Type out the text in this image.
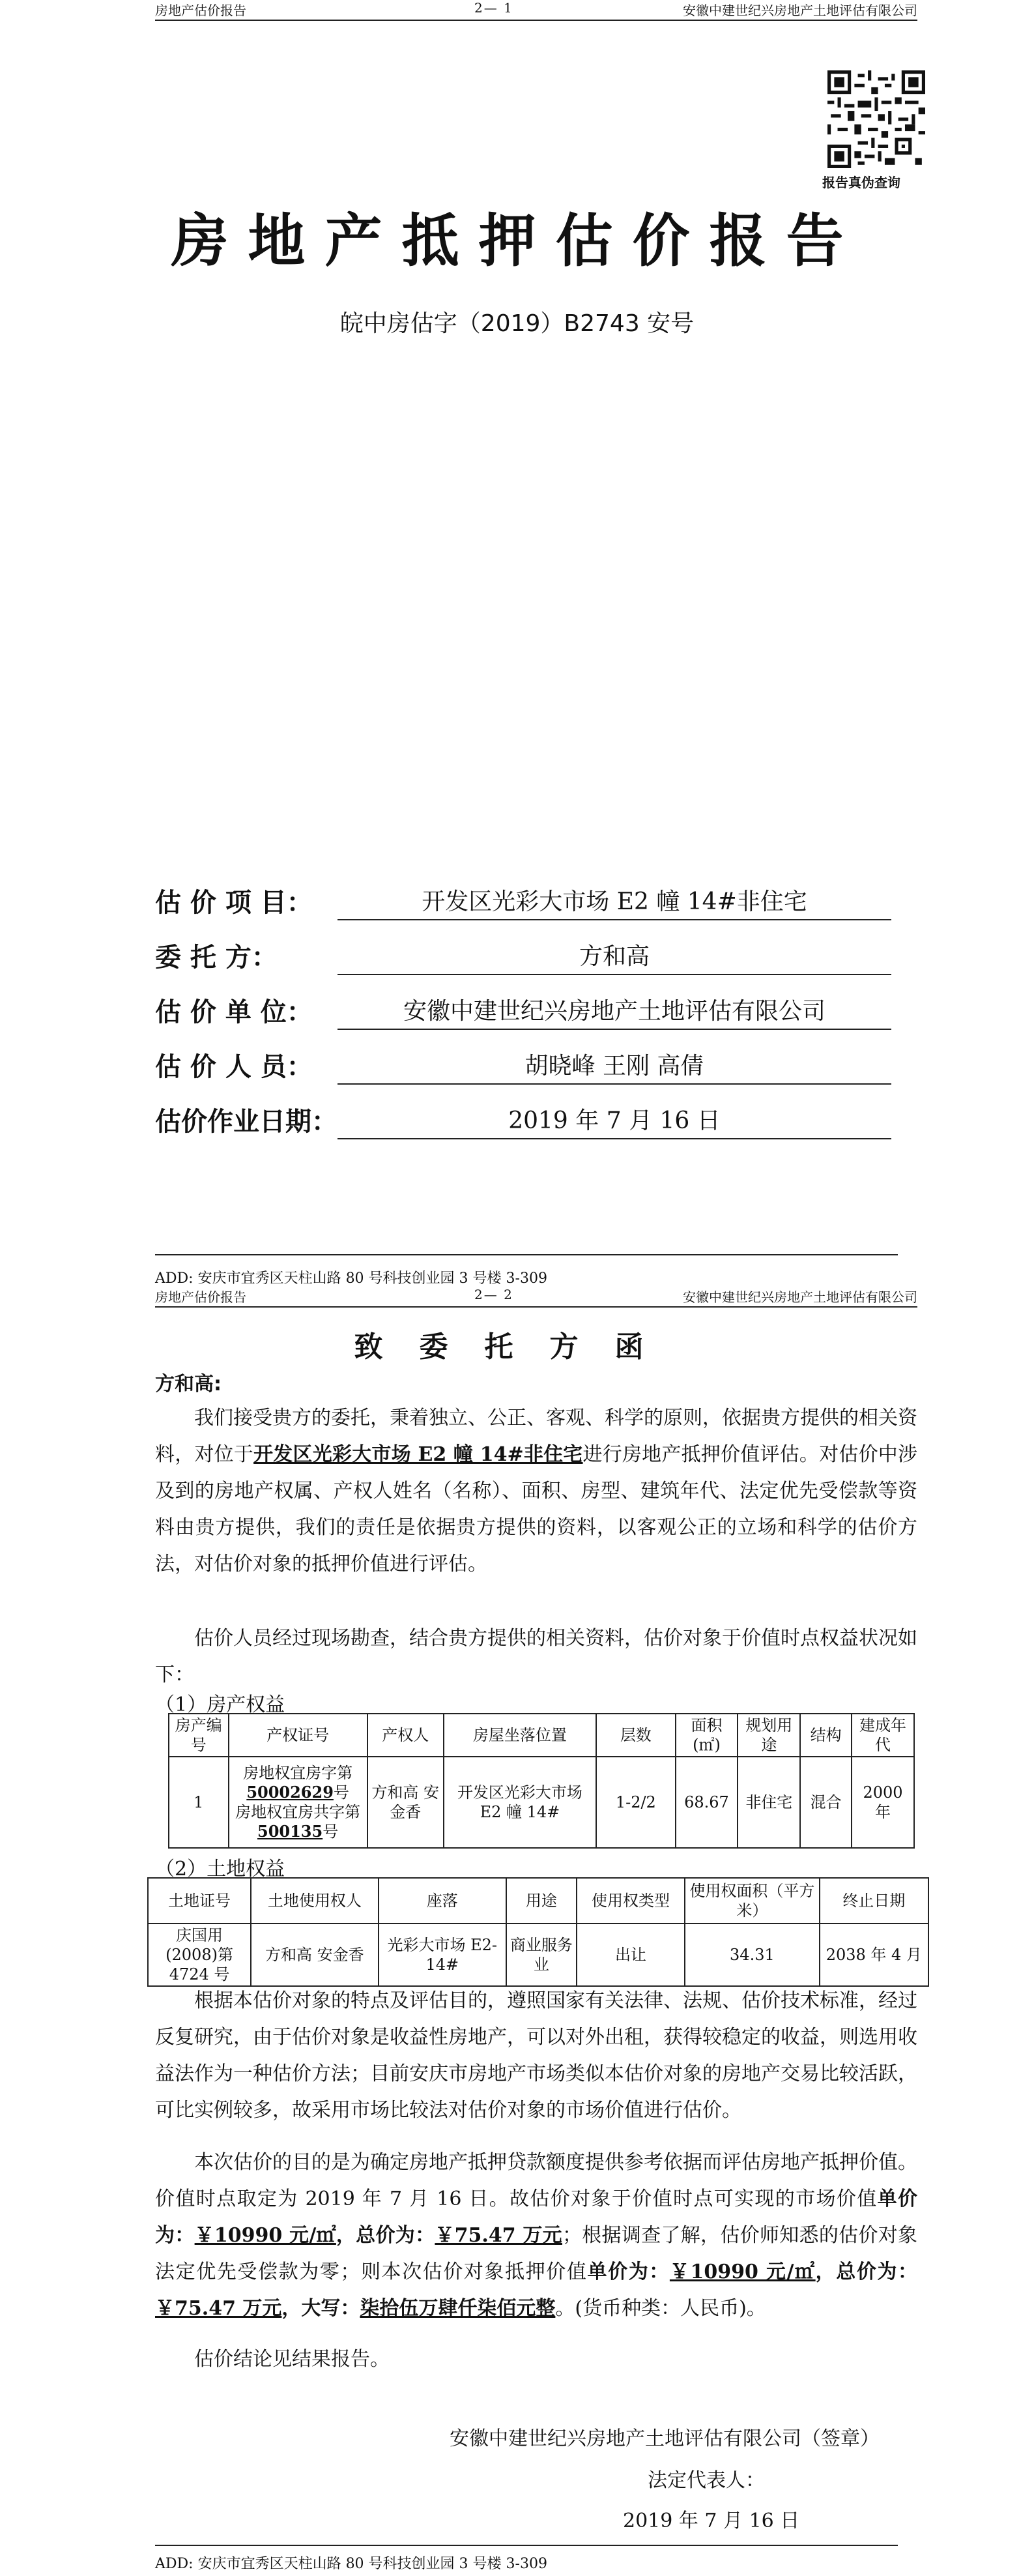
房地产估价报告	2— 1	安徽中建世纪兴房地产土地评估有限公司
报告真伪查询
房地产抵押估价报告
皖中房估字（2019）B2743 安号
估 价 项 目：	开发区光彩大市场 E2 幢 14#非住宅
委 托 方：	方和高
估 价 单 位：	安徽中建世纪兴房地产土地评估有限公司
估 价 人 员：	胡晓峰 王刚 高倩
估价作业日期：	2019 年 7 月 16 日
ADD: 安庆市宜秀区天柱山路 80 号科技创业园 3 号楼 3-309
房地产估价报告	2— 2	安徽中建世纪兴房地产土地评估有限公司
致委托方函
方和高:
我们接受贵方的委托，秉着独立、公正、客观、科学的原则，依据贵方提供的相关资料，对位于开发区光彩大市场 E2 幢 14#非住宅进行房地产抵押价值评估。对估价中涉及到的房地产权属、产权人姓名（名称）、面积、房型、建筑年代、法定优先受偿款等资料由贵方提供，我们的责任是依据贵方提供的资料，以客观公正的立场和科学的估价方法，对估价对象的抵押价值进行评估。
估价人员经过现场勘查，结合贵方提供的相关资料，估价对象于价值时点权益状况如下：
（1）房产权益
房产编号	产权证号	产权人	房屋坐落位置	层数	面积(㎡)	规划用途	结构	建成年代
1	房地权宜房字第50002629号
房地权宜房共字第500135号	方和高 安金香	开发区光彩大市场 E2 幢 14#	1-2/2	68.67	非住宅	混合	2000 年
（2）土地权益
土地证号	土地使用权人	座落	用途	使用权类型	使用权面积（平方米）	终止日期
庆国用(2008)第 4724 号	方和高 安金香	光彩大市场 E2-14#	商业服务业	出让	34.31	2038 年 4 月
根据本估价对象的特点及评估目的，遵照国家有关法律、法规、估价技术标准，经过反复研究，由于估价对象是收益性房地产，可以对外出租，获得较稳定的收益，则选用收益法作为一种估价方法；目前安庆市房地产市场类似本估价对象的房地产交易比较活跃，可比实例较多，故采用市场比较法对估价对象的市场价值进行估价。
本次估价的目的是为确定房地产抵押贷款额度提供参考依据而评估房地产抵押价值。价值时点取定为 2019 年 7 月 16 日。故估价对象于价值时点可实现的市场价值单价为：￥10990 元/㎡，总价为：￥75.47 万元；根据调查了解，估价师知悉的估价对象法定优先受偿款为零；则本次估价对象抵押价值单价为：￥10990 元/㎡，总价为：￥75.47 万元，大写：柒拾伍万肆仟柒佰元整。(货币种类：人民币)。
估价结论见结果报告。
安徽中建世纪兴房地产土地评估有限公司（签章）
法定代表人：
2019 年 7 月 16 日
ADD: 安庆市宜秀区天柱山路 80 号科技创业园 3 号楼 3-309
